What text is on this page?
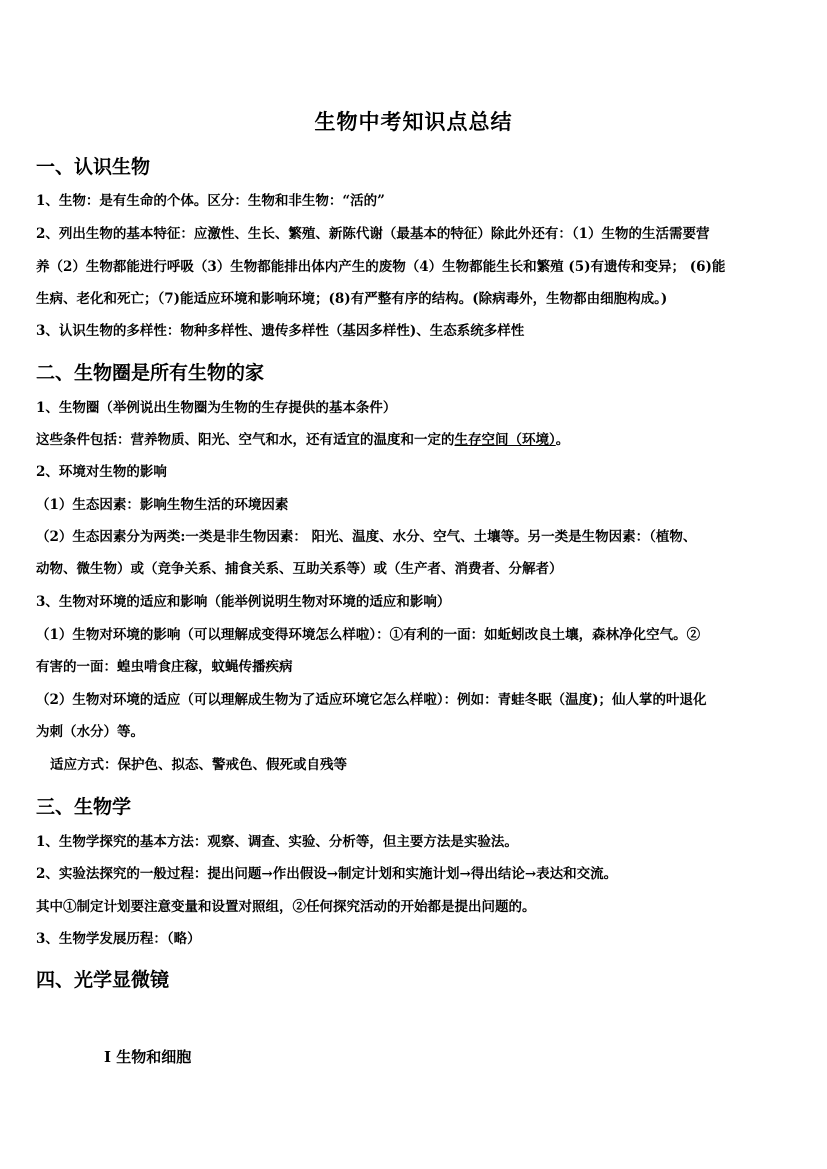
生物中考知识点总结
一、认识生物
1、生物：是有生命的个体。区分：生物和非生物：“活的”
2、列出生物的基本特征：应激性、生长、繁殖、新陈代谢（最基本的特征）除此外还有：（1）生物的生活需要营
养（2）生物都能进行呼吸（3）生物都能排出体内产生的废物（4）生物都能生长和繁殖 (5)有遗传和变异； (6)能
生病、老化和死亡；（7)能适应环境和影响环境；(8)有严整有序的结构。(除病毒外，生物都由细胞构成。)
3、认识生物的多样性：物种多样性、遗传多样性（基因多样性)、生态系统多样性
二、生物圈是所有生物的家
1、生物圈（举例说出生物圈为生物的生存提供的基本条件）
这些条件包括：营养物质、阳光、空气和水，还有适宜的温度和一定的生存空间（环境）。
2、环境对生物的影响
（1）生态因素：影响生物生活的环境因素
（2）生态因素分为两类:一类是非生物因素： 阳光、温度、水分、空气、土壤等。另一类是生物因素：（植物、
动物、微生物）或（竞争关系、捕食关系、互助关系等）或（生产者、消费者、分解者）
3、生物对环境的适应和影响（能举例说明生物对环境的适应和影响）
（1）生物对环境的影响（可以理解成变得环境怎么样啦）：①有利的一面：如蚯蚓改良土壤，森林净化空气。②
有害的一面：蝗虫啃食庄稼，蚊蝇传播疾病
（2）生物对环境的适应（可以理解成生物为了适应环境它怎么样啦）：例如：青蛙冬眠（温度)；仙人掌的叶退化
为刺（水分）等。
适应方式：保护色、拟态、警戒色、假死或自残等
三、生物学
1、生物学探究的基本方法：观察、调查、实验、分析等，但主要方法是实验法。
2、实验法探究的一般过程：提出问题→作出假设→制定计划和实施计划→得出结论→表达和交流。
其中①制定计划要注意变量和设置对照组，②任何探究活动的开始都是提出问题的。
3、生物学发展历程：（略）
四、光学显微镜
Ⅰ 生物和细胞
